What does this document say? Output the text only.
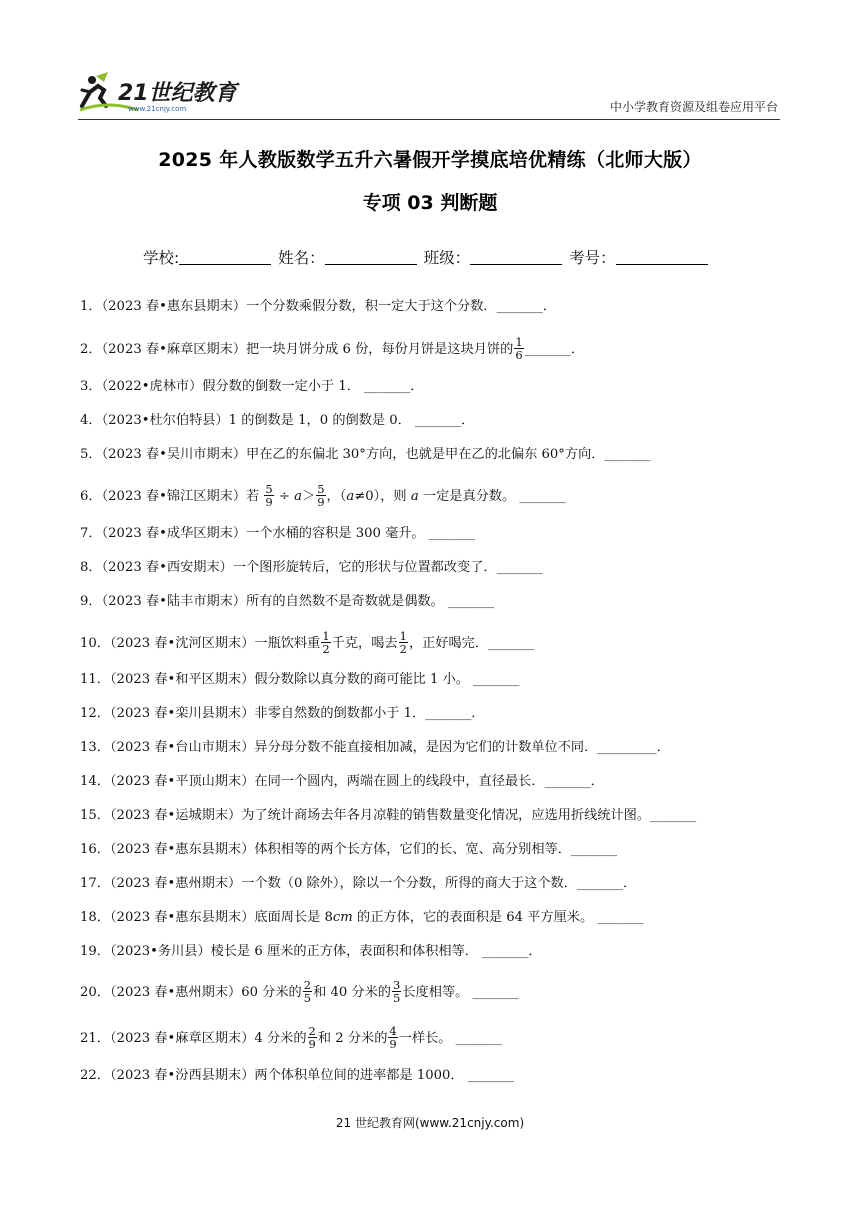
21世纪教育
www.21cnjy.com	中小学教育资源及组卷应用平台
2025 年人教版数学五升六暑假开学摸底培优精练（北师大版）
专项 03 判断题
学校:	姓名：	班级：	考号：
1．（2023 春•惠东县期末）一个分数乘假分数，积一定大于这个分数．_______．
2．（2023 春•麻章区期末）把一块月饼分成 6 份，每份月饼是这块月饼的 $\frac{1}{6}$ _______．
3．（2022•虎林市）假分数的倒数一定小于 1． _______．
4．（2023•杜尔伯特县）1 的倒数是 1，0 的倒数是 0． _______．
5．（2023 春•吴川市期末）甲在乙的东偏北 30°方向，也就是甲在乙的北偏东 60°方向．_______
6．（2023 春•锦江区期末）若 $\frac{5}{9} \div a> \frac{5}{9}$ ，（a≠0），则 a 一定是真分数。 _______
7．（2023 春•成华区期末）一个水桶的容积是 300 毫升。 _______
8．（2023 春•西安期末）一个图形旋转后，它的形状与位置都改变了．_______
9．（2023 春•陆丰市期末）所有的自然数不是奇数就是偶数。 _______
10．（2023 春•沈河区期末）一瓶饮料重 $\frac{1}{2}$ 千克，喝去 $\frac{1}{2}$ ，正好喝完．_______
11．（2023 春•和平区期末）假分数除以真分数的商可能比 1 小。 _______
12．（2023 春•栾川县期末）非零自然数的倒数都小于 1．_______．
13．（2023 春•台山市期末）异分母分数不能直接相加减，是因为它们的计数单位不同．_________．
14．（2023 春•平顶山期末）在同一个圆内，两端在圆上的线段中，直径最长．_______．
15．（2023 春•运城期末）为了统计商场去年各月凉鞋的销售数量变化情况，应选用折线统计图。_______
16．（2023 春•惠东县期末）体积相等的两个长方体，它们的长、宽、高分别相等．_______
17．（2023 春•惠州期末）一个数（0 除外），除以一个分数，所得的商大于这个数．_______．
18．（2023 春•惠东县期末）底面周长是 8cm 的正方体，它的表面积是 64 平方厘米。 _______
19．（2023•务川县）棱长是 6 厘米的正方体，表面积和体积相等． _______．
20．（2023 春•惠州期末）60 分米的 $\frac{2}{5}$ 和 40 分米的 $\frac{3}{5}$ 长度相等。 _______
21．（2023 春•麻章区期末）4 分米的 $\frac{2}{9}$ 和 2 分米的 $\frac{4}{9}$ 一样长。 _______
22．（2023 春•汾西县期末）两个体积单位间的进率都是 1000． _______
21 世纪教育网(www.21cnjy.com)
